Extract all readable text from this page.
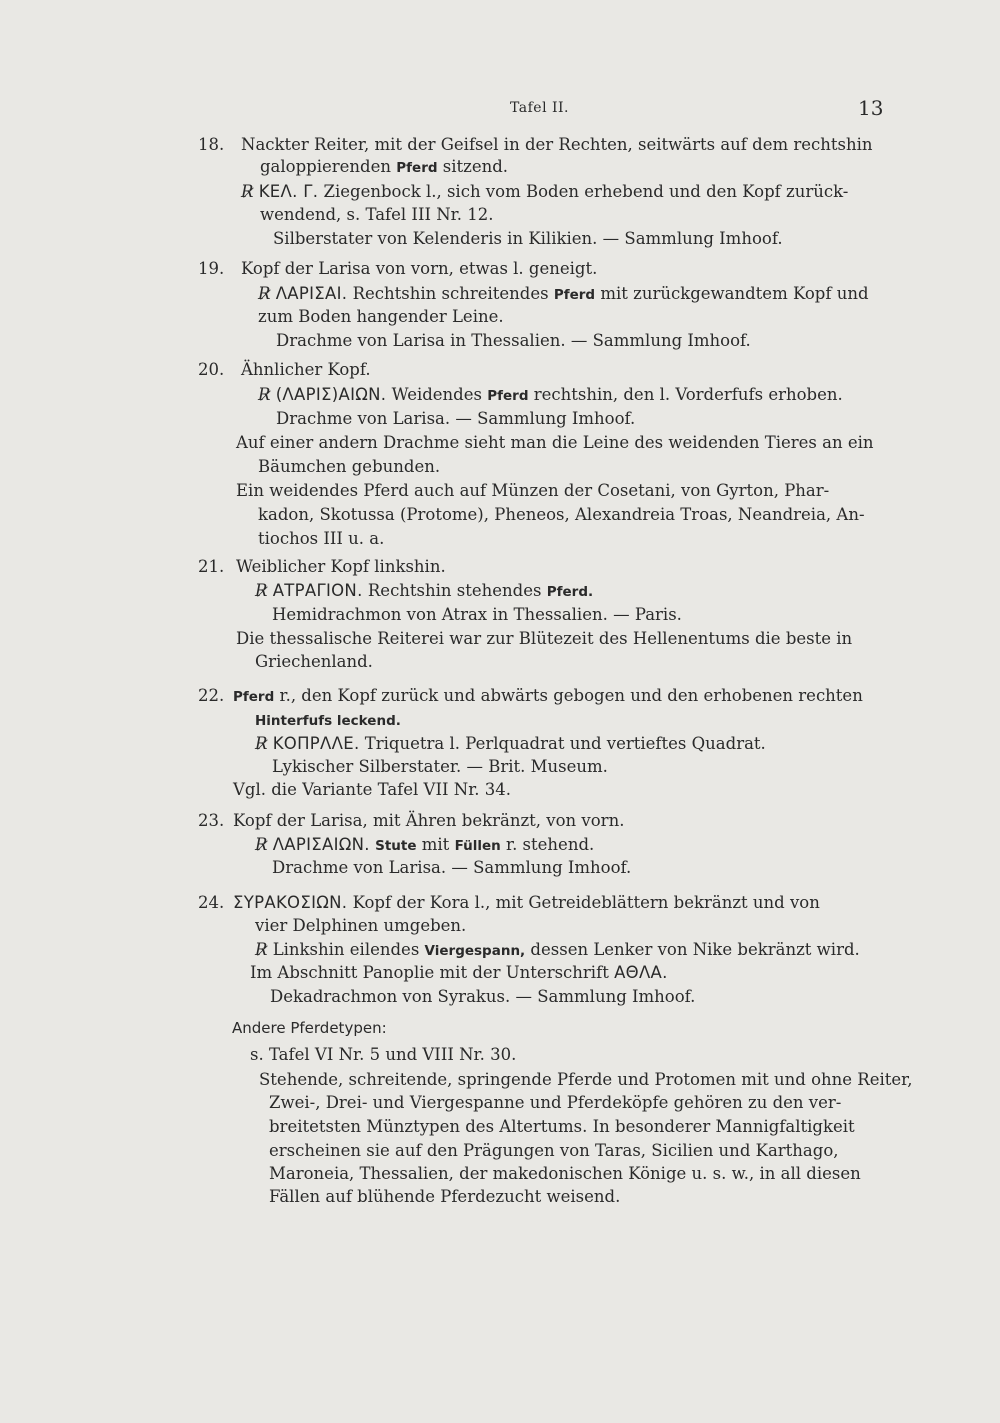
Tafel II.	13
18. Nackter Reiter, mit der Geifsel in der Rechten, seitwärts auf dem rechtshin
galoppierenden Pferd sitzend.
R̷ ΚΕΛ. Γ. Ziegenbock l., sich vom Boden erhebend und den Kopf zurück-
wendend, s. Tafel III Nr. 12.
Silberstater von Kelenderis in Kilikien. — Sammlung Imhoof.
19. Kopf der Larisa von vorn, etwas l. geneigt.
R̷ ΛΑΡΙΣΑΙ. Rechtshin schreitendes Pferd mit zurückgewandtem Kopf und
zum Boden hangender Leine.
Drachme von Larisa in Thessalien. — Sammlung Imhoof.
20. Ähnlicher Kopf.
R̷ (ΛΑΡΙΣ)ΑΙΩΝ. Weidendes Pferd rechtshin, den l. Vorderfufs erhoben.
Drachme von Larisa. — Sammlung Imhoof.
Auf einer andern Drachme sieht man die Leine des weidenden Tieres an ein
Bäumchen gebunden.
Ein weidendes Pferd auch auf Münzen der Cosetani, von Gyrton, Phar-
kadon, Skotussa (Protome), Pheneos, Alexandreia Troas, Neandreia, An-
tiochos III u. a.
21. Weiblicher Kopf linkshin.
R̷ ΑΤΡΑΓΙΟΝ. Rechtshin stehendes Pferd.
Hemidrachmon von Atrax in Thessalien. — Paris.
Die thessalische Reiterei war zur Blütezeit des Hellenentums die beste in
Griechenland.
22. Pferd r., den Kopf zurück und abwärts gebogen und den erhobenen rechten
Hinterfufs leckend.
R̷ ΚΟΠΡΛΛΕ. Triquetra l. Perlquadrat und vertieftes Quadrat.
Lykischer Silberstater. — Brit. Museum.
Vgl. die Variante Tafel VII Nr. 34.
23. Kopf der Larisa, mit Ähren bekränzt, von vorn.
R̷ ΛΑΡΙΣΑΙΩΝ. Stute mit Füllen r. stehend.
Drachme von Larisa. — Sammlung Imhoof.
24. ΣΥΡΑΚΟΣΙΩΝ. Kopf der Kora l., mit Getreideblättern bekränzt und von
vier Delphinen umgeben.
R̷ Linkshin eilendes Viergespann, dessen Lenker von Nike bekränzt wird.
Im Abschnitt Panoplie mit der Unterschrift ΑΘΛΑ.
Dekadrachmon von Syrakus. — Sammlung Imhoof.
Andere Pferdetypen:
s. Tafel VI Nr. 5 und VIII Nr. 30.
Stehende, schreitende, springende Pferde und Protomen mit und ohne Reiter,
Zwei-, Drei- und Viergespanne und Pferdeköpfe gehören zu den ver-
breitetsten Münztypen des Altertums. In besonderer Mannigfaltigkeit
erscheinen sie auf den Prägungen von Taras, Sicilien und Karthago,
Maroneia, Thessalien, der makedonischen Könige u. s. w., in all diesen
Fällen auf blühende Pferdezucht weisend.
